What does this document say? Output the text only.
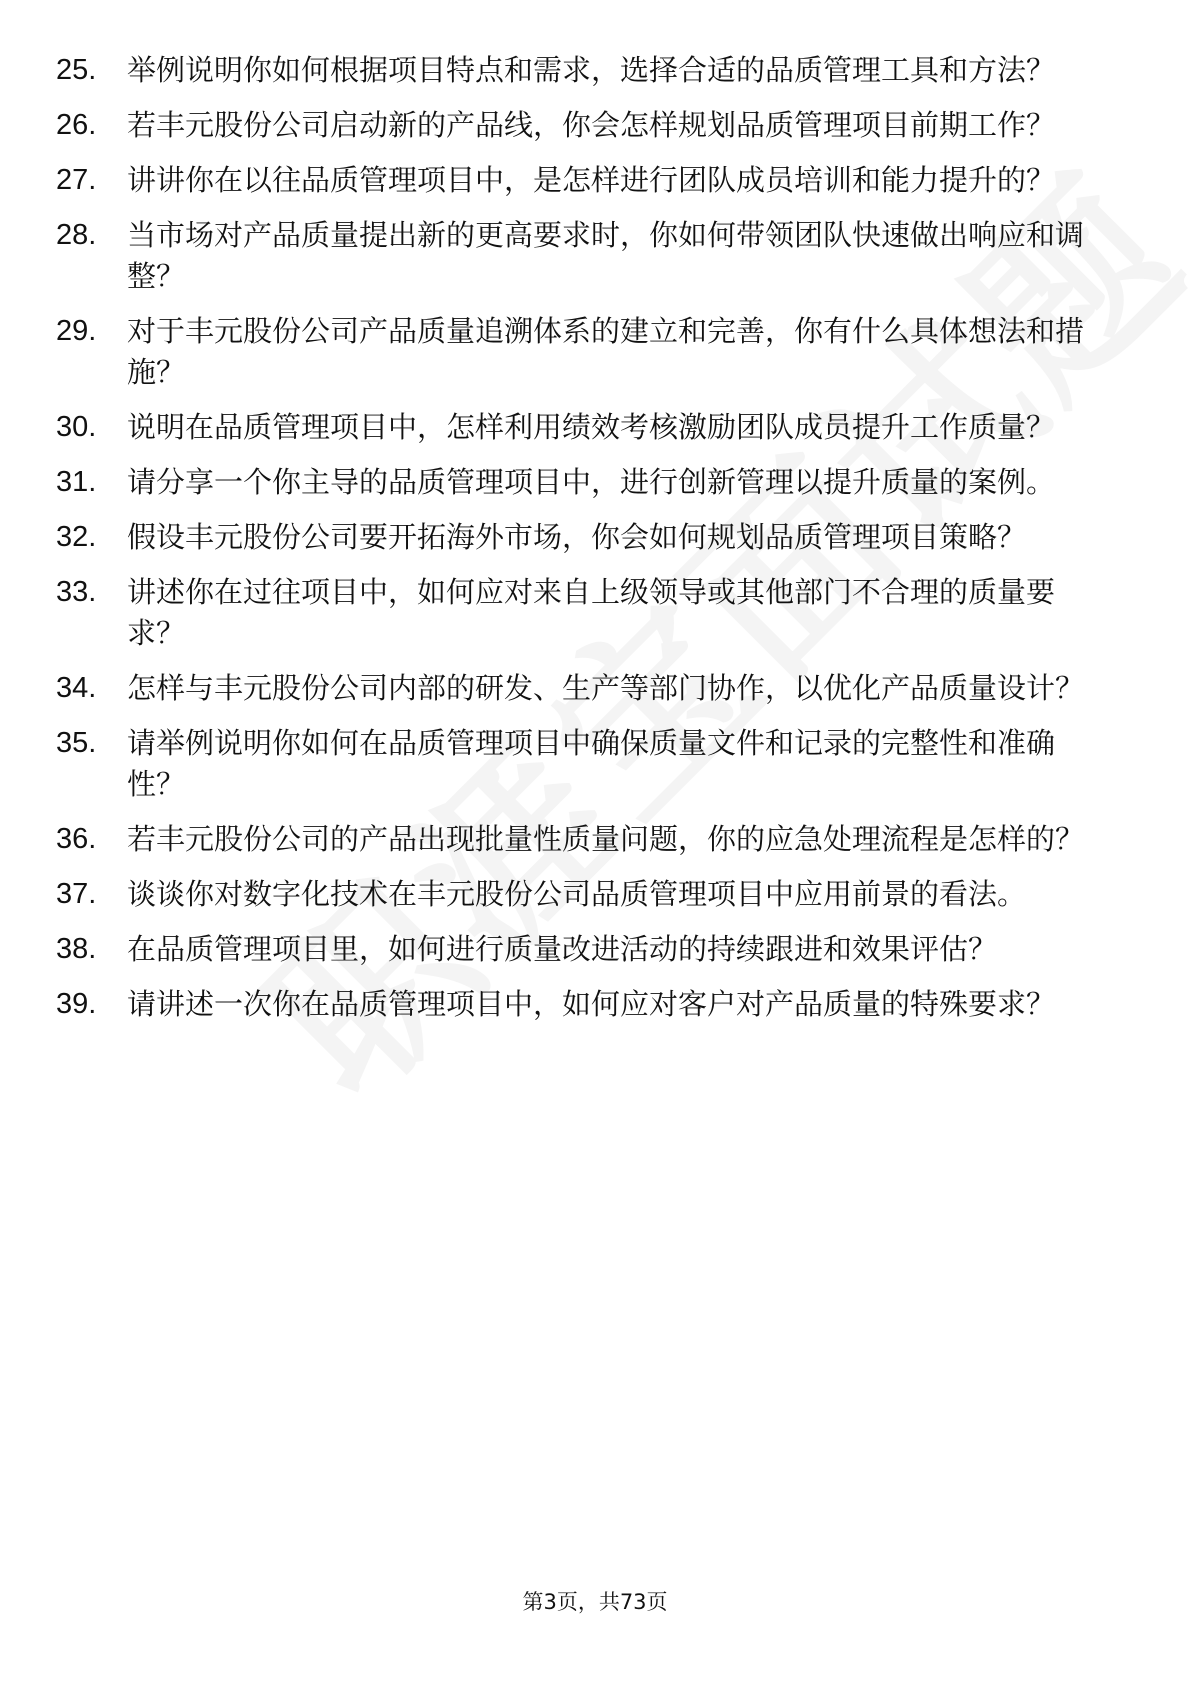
25.	举例说明你如何根据项目特点和需求，选择合适的品质管理工具和方法？
26.	若丰元股份公司启动新的产品线，你会怎样规划品质管理项目前期工作？
27.	讲讲你在以往品质管理项目中，是怎样进行团队成员培训和能力提升的？
28.	当市场对产品质量提出新的更高要求时，你如何带领团队快速做出响应和调整？
29.	对于丰元股份公司产品质量追溯体系的建立和完善，你有什么具体想法和措施？
30.	说明在品质管理项目中，怎样利用绩效考核激励团队成员提升工作质量？
31.	请分享一个你主导的品质管理项目中，进行创新管理以提升质量的案例。
32.	假设丰元股份公司要开拓海外市场，你会如何规划品质管理项目策略？
33.	讲述你在过往项目中，如何应对来自上级领导或其他部门不合理的质量要求？
34.	怎样与丰元股份公司内部的研发、生产等部门协作，以优化产品质量设计？
35.	请举例说明你如何在品质管理项目中确保质量文件和记录的完整性和准确性？
36.	若丰元股份公司的产品出现批量性质量问题，你的应急处理流程是怎样的？
37.	谈谈你对数字化技术在丰元股份公司品质管理项目中应用前景的看法。
38.	在品质管理项目里，如何进行质量改进活动的持续跟进和效果评估？
39.	请讲述一次你在品质管理项目中，如何应对客户对产品质量的特殊要求？
第3页，共73页
